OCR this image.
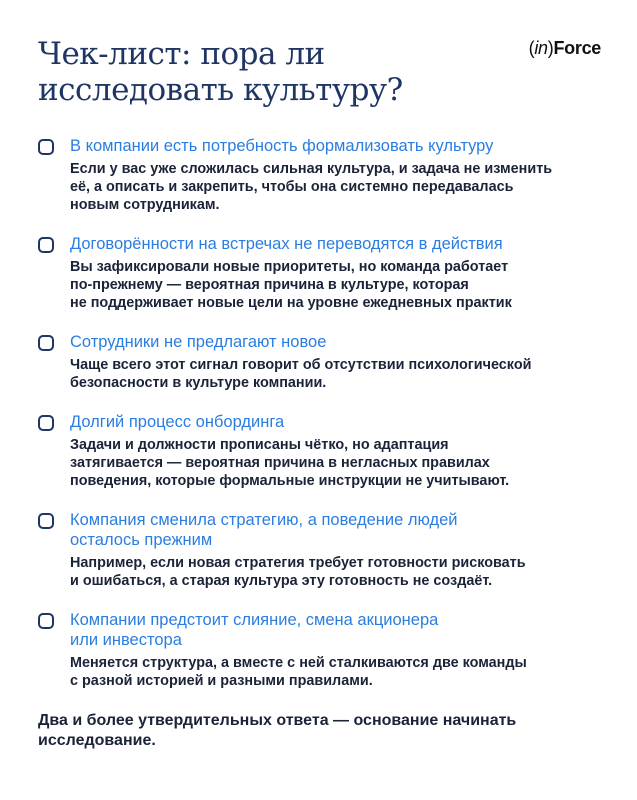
Чек-лист: пора ли
исследовать культуру?
(in)Force
В компании есть потребность формализовать культуру
Если у вас уже сложилась сильная культура, и задача не изменить
её, а описать и закрепить, чтобы она системно передавалась
новым сотрудникам.
Договорённости на встречах не переводятся в действия
Вы зафиксировали новые приоритеты, но команда работает
по-прежнему — вероятная причина в культуре, которая
не поддерживает новые цели на уровне ежедневных практик
Сотрудники не предлагают новое
Чаще всего этот сигнал говорит об отсутствии психологической
безопасности в культуре компании.
Долгий процесс онбординга
Задачи и должности прописаны чётко, но адаптация
затягивается — вероятная причина в негласных правилах
поведения, которые формальные инструкции не учитывают.
Компания сменила стратегию, а поведение людей
осталось прежним
Например, если новая стратегия требует готовности рисковать
и ошибаться, а старая культура эту готовность не создаёт.
Компании предстоит слияние, смена акционера
или инвестора
Меняется структура, а вместе с ней сталкиваются две команды
с разной историей и разными правилами.
Два и более утвердительных ответа — основание начинать
исследование.
